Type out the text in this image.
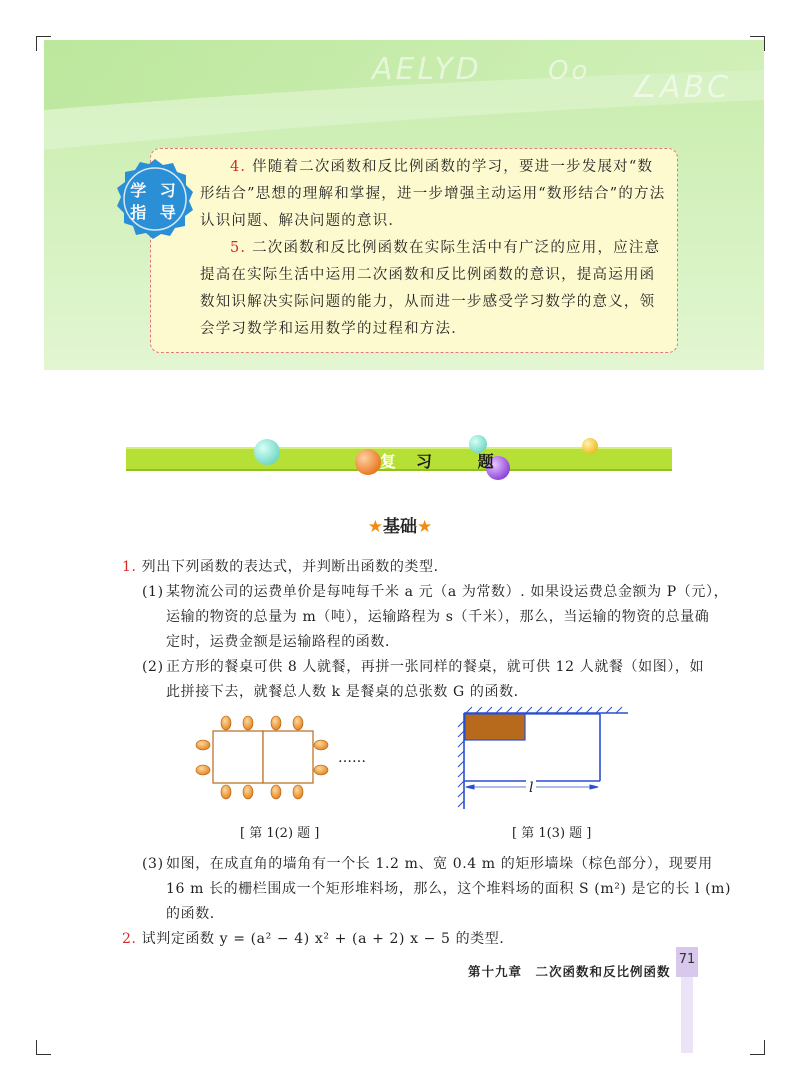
AELYD	Oo ∠ABC
学 习
指 导

4. 伴随着二次函数和反比例函数的学习，要进一步发展对“数形结合”思想的理解和掌握，进一步增强主动运用“数形结合”的方法认识问题、解决问题的意识．

5. 二次函数和反比例函数在实际生活中有广泛的应用，应注意提高在实际生活中运用二次函数和反比例函数的意识，提高运用函数知识解决实际问题的能力，从而进一步感受学习数学的意义，领会学习数学和运用数学的过程和方法．

复习 题
★基础★
1. 列出下列函数的表达式，并判断出函数的类型．
(1) 某物流公司的运费单价是每吨每千米 a 元（a 为常数）. 如果设运费总金额为 P（元），
运输的物资的总量为 m（吨），运输路程为 s（千米），那么，当运输的物资的总量确
定时，运费金额是运输路程的函数．
(2) 正方形的餐桌可供 8 人就餐，再拼一张同样的餐桌，就可供 12 人就餐（如图），如
此拼接下去，就餐总人数 k 是餐桌的总张数 G 的函数．
……
l
[ 第 1(2) 题 ]	[ 第 1(3) 题 ]
(3) 如图，在成直角的墙角有一个长 1.2 m、宽 0.4 m 的矩形墙垛（棕色部分），现要用
16 m 长的栅栏围成一个矩形堆料场，那么，这个堆料场的面积 S (m²) 是它的长 l (m)
的函数．
2. 试判定函数 y = (a² − 4) x² + (a + 2) x − 5 的类型．
71
第十九章　二次函数和反比例函数
